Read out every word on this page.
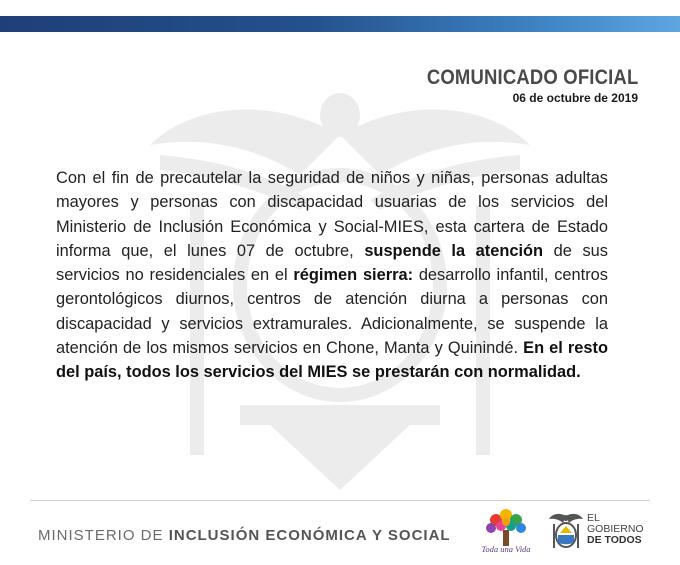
COMUNICADO OFICIAL
06 de octubre de 2019
Con el fin de precautelar la seguridad de niños y niñas, personas adultas mayores y personas con discapacidad usuarias de los servicios del Ministerio de Inclusión Económica y Social-MIES, esta cartera de Estado informa que, el lunes 07 de octubre, suspende la atención de sus servicios no residenciales en el régimen sierra: desarrollo infantil, centros gerontológicos diurnos, centros de atención diurna a personas con discapacidad y servicios extramurales. Adicionalmente, se suspende la atención de los mismos servicios en Chone, Manta y Quinindé. En el resto del país, todos los servicios del MIES se prestarán con normalidad.
MINISTERIO DE INCLUSIÓN ECONÓMICA Y SOCIAL
Toda una Vida
EL
GOBIERNO
DE TODOS
